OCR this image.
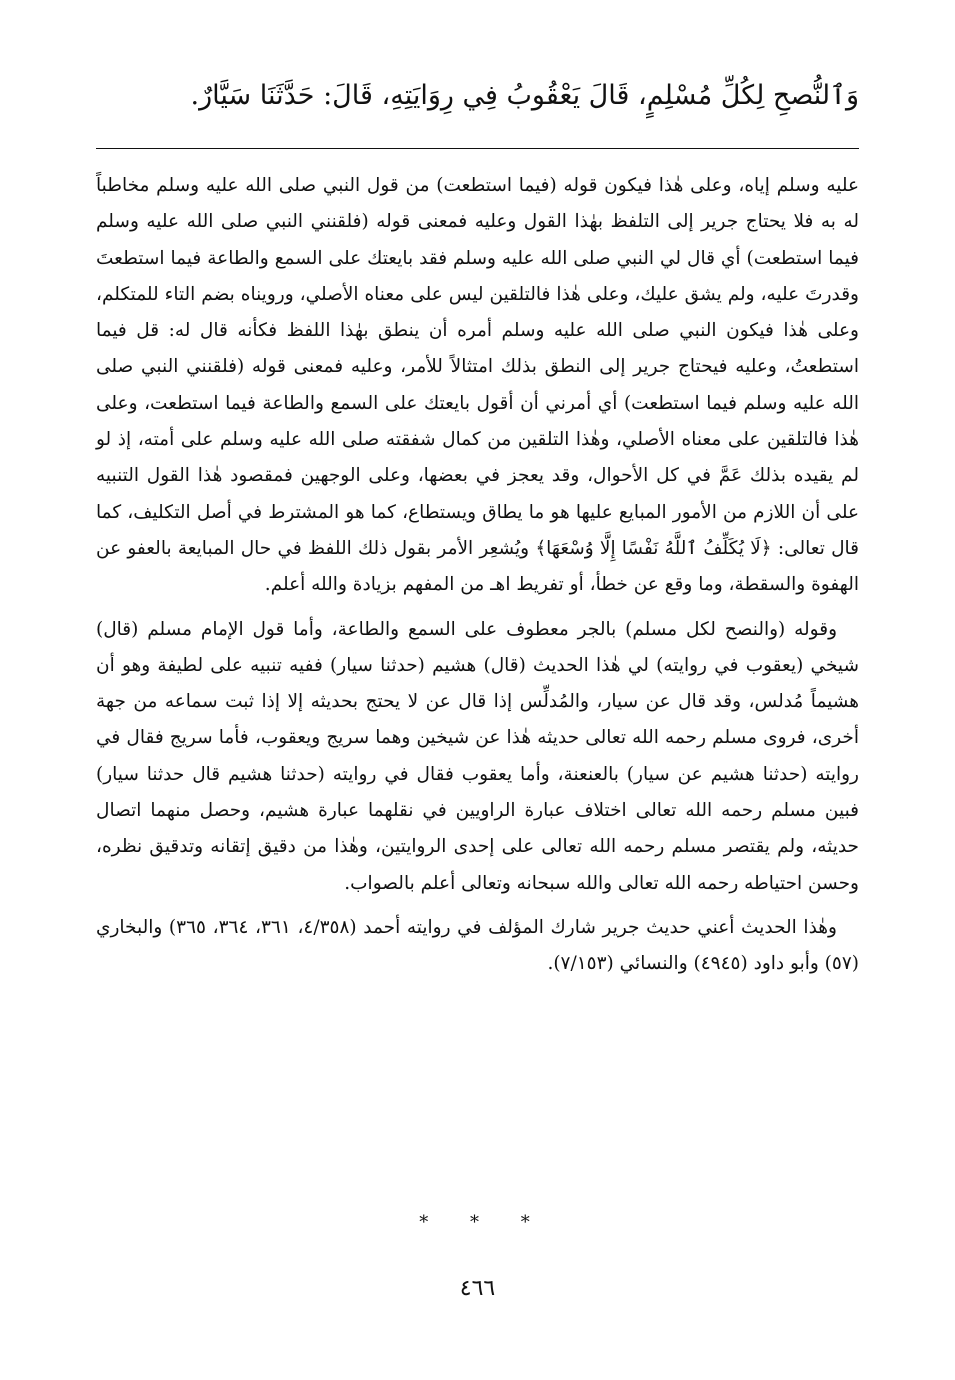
وَٱلنُّصحِ لِكُلِّ مُسْلِمٍ، قَالَ يَعْقُوبُ فِي رِوَايَتِهِ، قَالَ: حَدَّثَنَا سَيَّارٌ.

عليه وسلم إياه، وعلى هٰذا فيكون قوله (فيما استطعت) من قول النبي صلى الله عليه وسلم مخاطباً له به فلا يحتاج جرير إلى التلفظ بهٰذا القول وعليه فمعنى قوله (فلقنني النبي صلى الله عليه وسلم فيما استطعت) أي قال لي النبي صلى الله عليه وسلم فقد بايعتك على السمع والطاعة فيما استطعتَ وقدرتَ عليه، ولم يشق عليك، وعلى هٰذا فالتلقين ليس على معناه الأصلي، ورويناه بضم التاء للمتكلم، وعلى هٰذا فيكون النبي صلى الله عليه وسلم أمره أن ينطق بهٰذا اللفظ فكأنه قال له: قل فيما استطعتُ، وعليه فيحتاج جرير إلى النطق بذلك امتثالاً للأمر، وعليه فمعنى قوله (فلقنني النبي صلى الله عليه وسلم فيما استطعت) أي أمرني أن أقول بايعتك على السمع والطاعة فيما استطعت، وعلى هٰذا فالتلقين على معناه الأصلي، وهٰذا التلقين من كمال شفقته صلى الله عليه وسلم على أمته، إذ لو لم يقيده بذلك عَمَّ في كل الأحوال، وقد يعجز في بعضها، وعلى الوجهين فمقصود هٰذا القول التنبيه على أن اللازم من الأمور المبايع عليها هو ما يطاق ويستطاع، كما هو المشترط في أصل التكليف، كما قال تعالى: ﴿لَا يُكَلِّفُ ٱللَّهُ نَفْسًا إِلَّا وُسْعَهَا﴾ ويُشعِر الأمر بقول ذلك اللفظ في حال المبايعة بالعفو عن الهفوة والسقطة، وما وقع عن خطأ، أو تفريط اهـ من المفهم بزيادة والله أعلم.

وقوله (والنصح لكل مسلم) بالجر معطوف على السمع والطاعة، وأما قول الإمام مسلم (قال) شيخي (يعقوب في روايته) لي هٰذا الحديث (قال) هشيم (حدثنا سيار) ففيه تنبيه على لطيفة وهو أن هشيماً مُدلس، وقد قال عن سيار، والمُدلِّس إذا قال عن لا يحتج بحديثه إلا إذا ثبت سماعه من جهة أخرى، فروى مسلم رحمه الله تعالى حديثه هٰذا عن شيخين وهما سريج ويعقوب، فأما سريج فقال في روايته (حدثنا هشيم عن سيار) بالعنعنة، وأما يعقوب فقال في روايته (حدثنا هشيم قال حدثنا سيار) فبين مسلم رحمه الله تعالى اختلاف عبارة الراويين في نقلهما عبارة هشيم، وحصل منهما اتصال حديثه، ولم يقتصر مسلم رحمه الله تعالى على إحدى الروايتين، وهٰذا من دقيق إتقانه وتدقيق نظره، وحسن احتياطه رحمه الله تعالى والله سبحانه وتعالى أعلم بالصواب.

وهٰذا الحديث أعني حديث جرير شارك المؤلف في روايته أحمد (٤/٣٥٨، ٣٦١، ٣٦٤، ٣٦٥) والبخاري (٥٧) وأبو داود (٤٩٤٥) والنسائي (٧/١٥٣).

* * *
٤٦٦
